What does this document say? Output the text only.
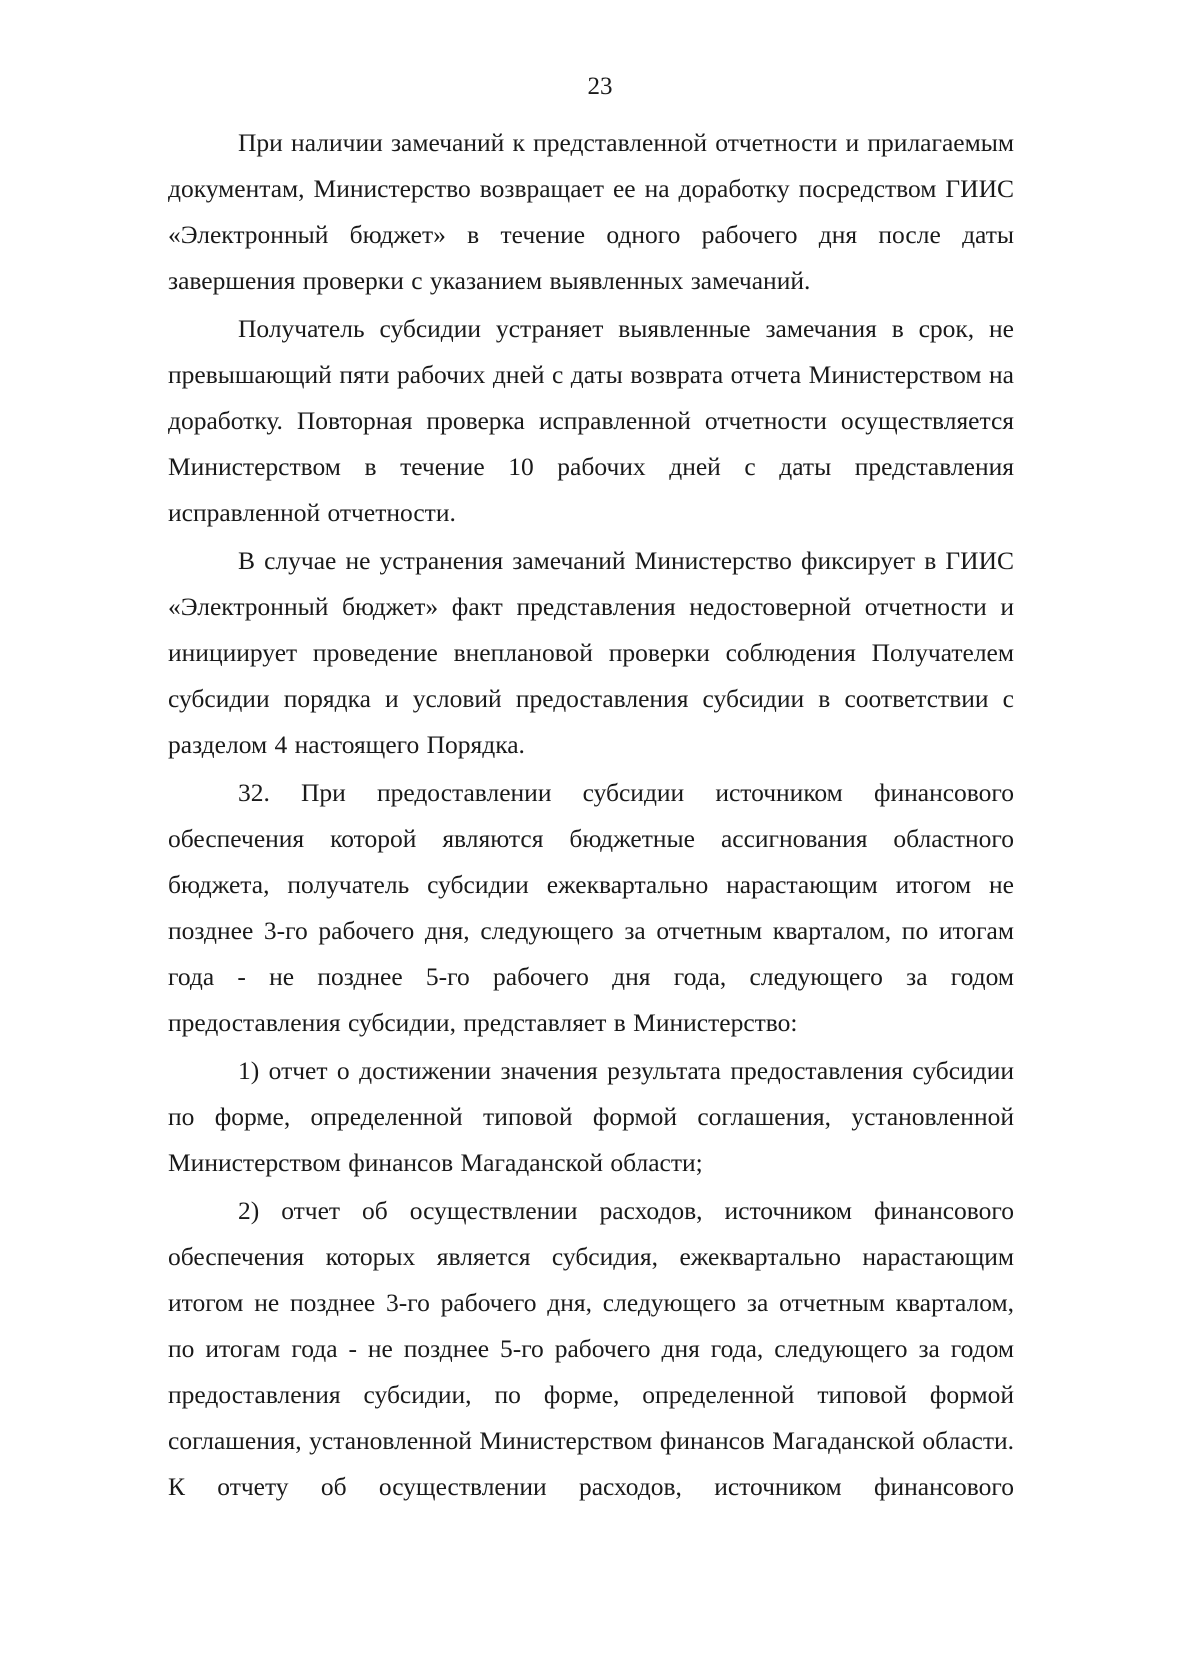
23

При наличии замечаний к представленной отчетности и прилагаемым документам, Министерство возвращает ее на доработку посредством ГИИС «Электронный бюджет» в течение одного рабочего дня после даты завершения проверки с указанием выявленных замечаний.

Получатель субсидии устраняет выявленные замечания в срок, не превышающий пяти рабочих дней с даты возврата отчета Министерством на доработку. Повторная проверка исправленной отчетности осуществляется Министерством в течение 10 рабочих дней с даты представления исправленной отчетности.

В случае не устранения замечаний Министерство фиксирует в ГИИС «Электронный бюджет» факт представления недостоверной отчетности и инициирует проведение внеплановой проверки соблюдения Получателем субсидии порядка и условий предоставления субсидии в соответствии с разделом 4 настоящего Порядка.

32. При предоставлении субсидии источником финансового обеспечения которой являются бюджетные ассигнования областного бюджета, получатель субсидии ежеквартально нарастающим итогом не позднее 3-го рабочего дня, следующего за отчетным кварталом, по итогам года - не позднее 5-го рабочего дня года, следующего за годом предоставления субсидии, представляет в Министерство:

1) отчет о достижении значения результата предоставления субсидии по форме, определенной типовой формой соглашения, установленной Министерством финансов Магаданской области;

2) отчет об осуществлении расходов, источником финансового обеспечения которых является субсидия, ежеквартально нарастающим итогом не позднее 3-го рабочего дня, следующего за отчетным кварталом, по итогам года - не позднее 5-го рабочего дня года, следующего за годом предоставления субсидии, по форме, определенной типовой формой соглашения, установленной Министерством финансов Магаданской области. К отчету об осуществлении расходов, источником финансового
